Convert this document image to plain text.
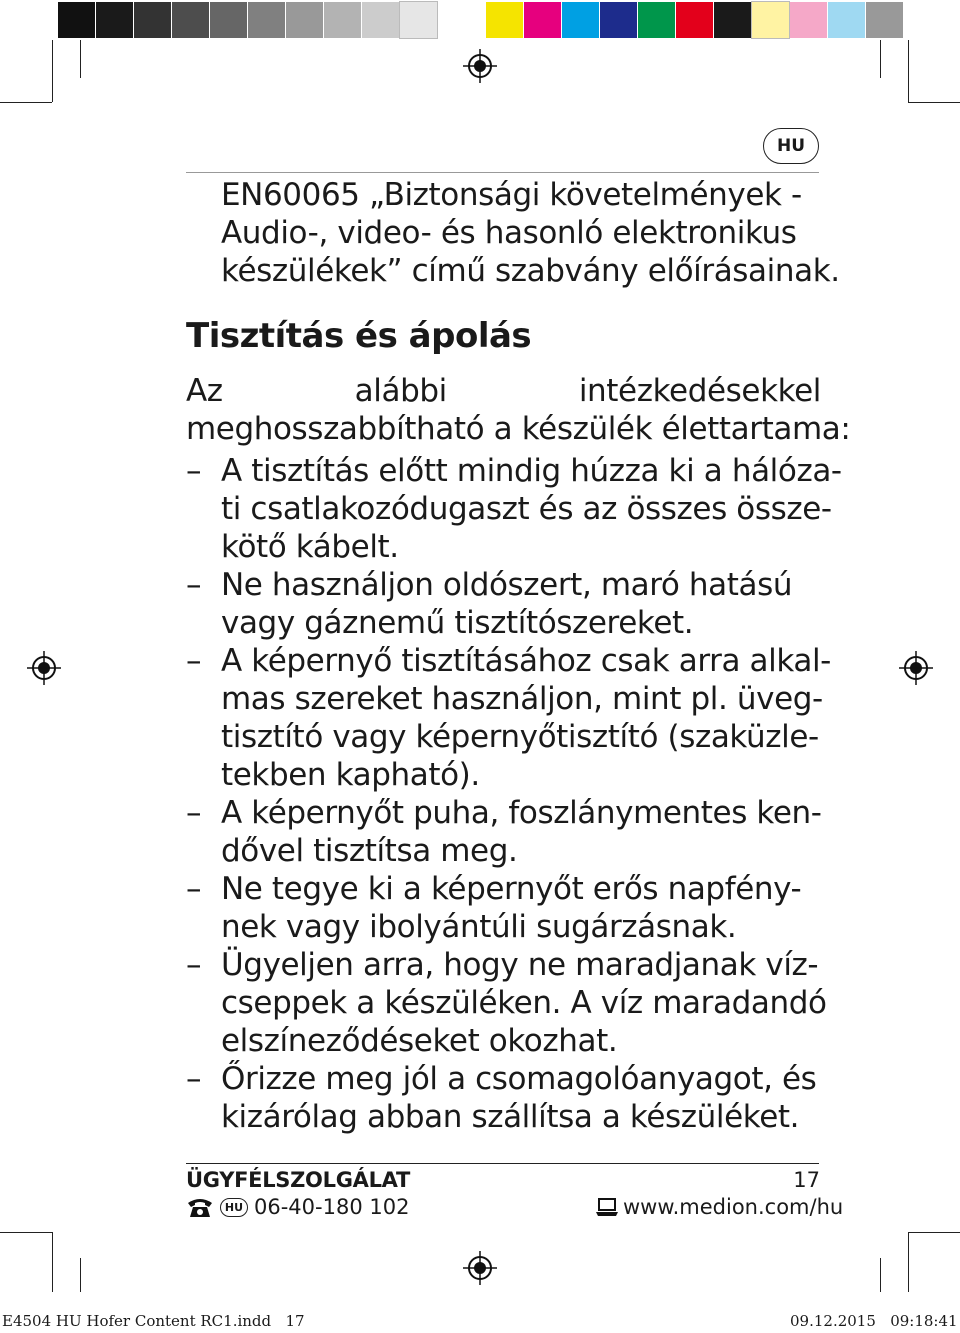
HU
EN60065 „Biztonsági követelmények -
Audio-, video- és hasonló elektronikus
készülékek” című szabvány előírásainak.
Tisztítás és ápolás
Az	alábbi	intézkedésekkel
meghosszabbítható a készülék élettartama:
– A tisztítás előtt mindig húzza ki a hálóza-
ti csatlakozódugaszt és az összes össze-
kötő kábelt.
– Ne használjon oldószert, maró hatású
vagy gáznemű tisztítószereket.
– A képernyő tisztításához csak arra alkal-
mas szereket használjon, mint pl. üveg-
tisztító vagy képernyőtisztító (szaküzle-
tekben kapható).
– A képernyőt puha, foszlánymentes ken-
dővel tisztítsa meg.
– Ne tegye ki a képernyőt erős napfény-
nek vagy ibolyántúli sugárzásnak.
– Ügyeljen arra, hogy ne maradjanak víz-
cseppek a készüléken. A víz maradandó
elszíneződéseket okozhat.
– Őrizze meg jól a csomagolóanyagot, és
kizárólag abban szállítsa a készüléket.
ÜGYFÉLSZOLGÁLAT	17
HU 06-40-180 102	www.medion.com/hu
E4504 HU Hofer Content RC1.indd   17	09.12.2015   09:18:41
